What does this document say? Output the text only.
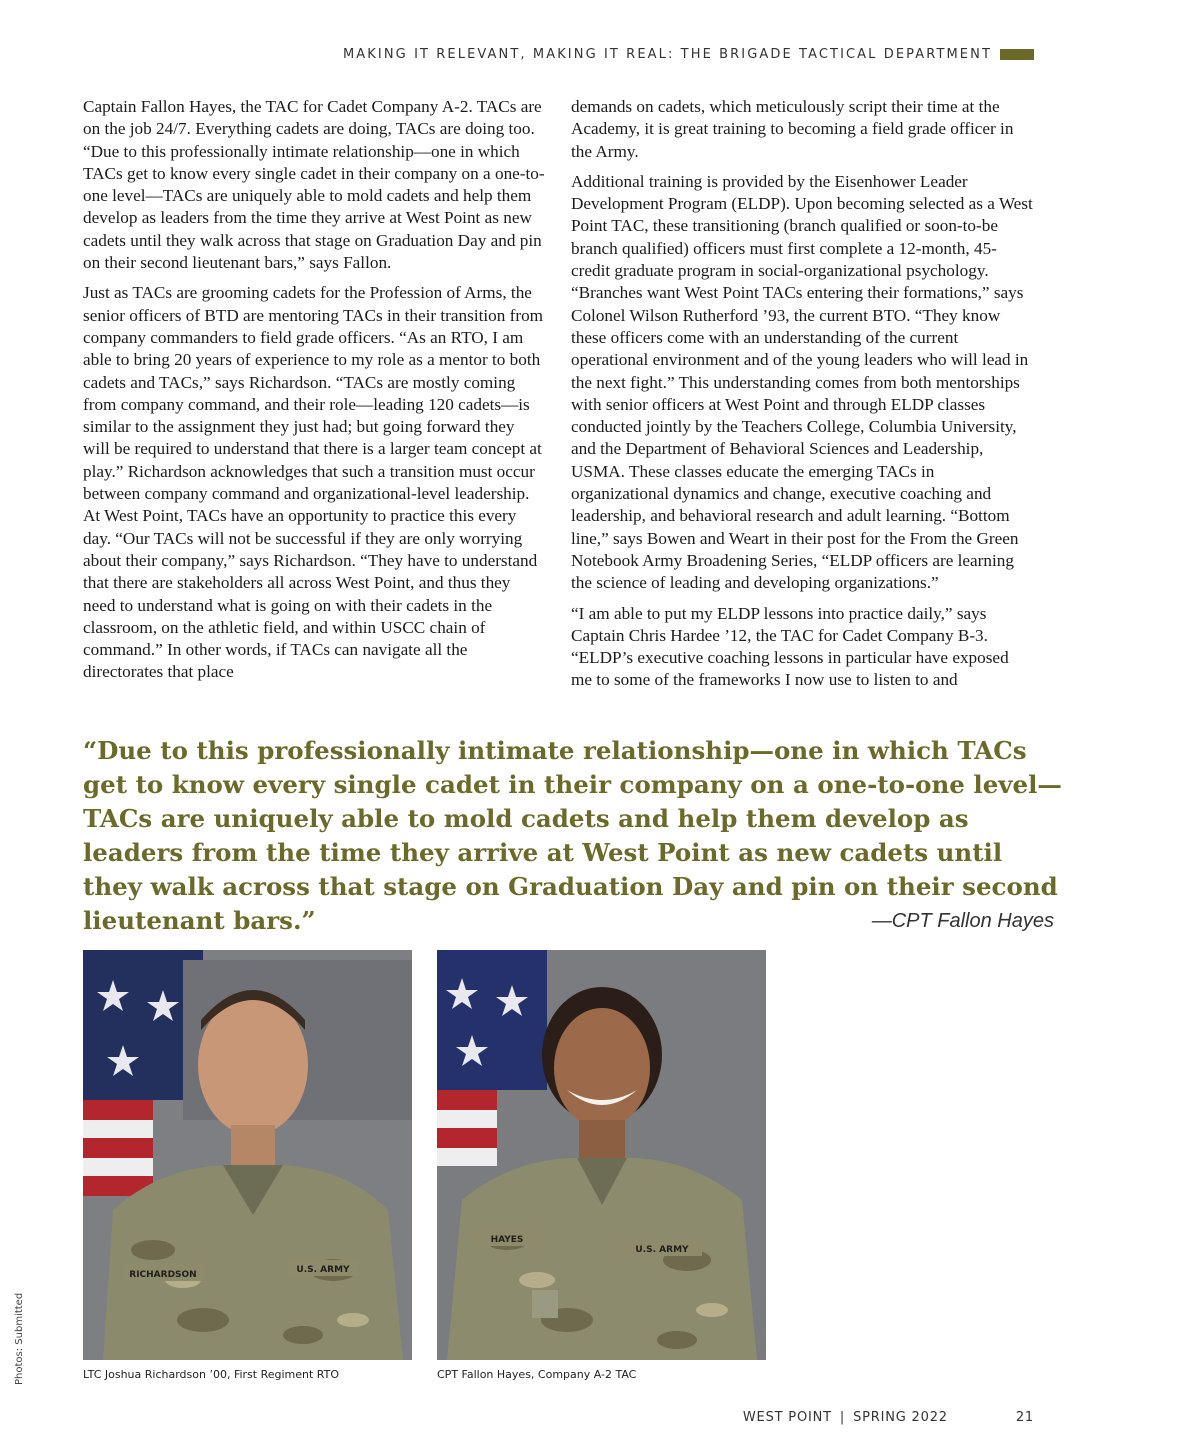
MAKING IT RELEVANT, MAKING IT REAL: THE BRIGADE TACTICAL DEPARTMENT

Captain Fallon Hayes, the TAC for Cadet Company A-2. TACs are on the job 24/7. Everything cadets are doing, TACs are doing too. “Due to this professionally intimate relationship—one in which TACs get to know every single cadet in their company on a one-to-one level—TACs are uniquely able to mold cadets and help them develop as leaders from the time they arrive at West Point as new cadets until they walk across that stage on Graduation Day and pin on their second lieutenant bars,” says Fallon.

Just as TACs are grooming cadets for the Profession of Arms, the senior officers of BTD are mentoring TACs in their transition from company commanders to field grade officers. “As an RTO, I am able to bring 20 years of experience to my role as a mentor to both cadets and TACs,” says Richardson. “TACs are mostly coming from company command, and their role—leading 120 cadets—is similar to the assignment they just had; but going forward they will be required to understand that there is a larger team concept at play.” Richardson acknowledges that such a transition must occur between company command and organizational-level leadership. At West Point, TACs have an opportunity to practice this every day. “Our TACs will not be successful if they are only worrying about their company,” says Richardson. “They have to understand that there are stakeholders all across West Point, and thus they need to understand what is going on with their cadets in the classroom, on the athletic field, and within USCC chain of command.” In other words, if TACs can navigate all the directorates that place

demands on cadets, which meticulously script their time at the Academy, it is great training to becoming a field grade officer in the Army.

Additional training is provided by the Eisenhower Leader Development Program (ELDP). Upon becoming selected as a West Point TAC, these transitioning (branch qualified or soon-to-be branch qualified) officers must first complete a 12-month, 45-credit graduate program in social-organizational psychology. “Branches want West Point TACs entering their formations,” says Colonel Wilson Rutherford ’93, the current BTO. “They know these officers come with an understanding of the current operational environment and of the young leaders who will lead in the next fight.” This understanding comes from both mentorships with senior officers at West Point and through ELDP classes conducted jointly by the Teachers College, Columbia University, and the Department of Behavioral Sciences and Leadership, USMA. These classes educate the emerging TACs in organizational dynamics and change, executive coaching and leadership, and behavioral research and adult learning. “Bottom line,” says Bowen and Weart in their post for the From the Green Notebook Army Broadening Series, “ELDP officers are learning the science of leading and developing organizations.”

“I am able to put my ELDP lessons into practice daily,” says Captain Chris Hardee ’12, the TAC for Cadet Company B-3. “ELDP’s executive coaching lessons in particular have exposed me to some of the frameworks I now use to listen to and

“Due to this professionally intimate relationship—one in which TACs get to know every single cadet in their company on a one-to-one level—TACs are uniquely able to mold cadets and help them develop as leaders from the time they arrive at West Point as new cadets until they walk across that stage on Graduation Day and pin on their second lieutenant bars.”	—CPT Fallon Hayes
RICHARDSON	U.S. ARMY
HAYES
U.S. ARMY
LTC Joshua Richardson ’00, First Regiment RTO	CPT Fallon Hayes, Company A-2 TAC
Photos: Submitted
WEST POINT | SPRING 2022	21
